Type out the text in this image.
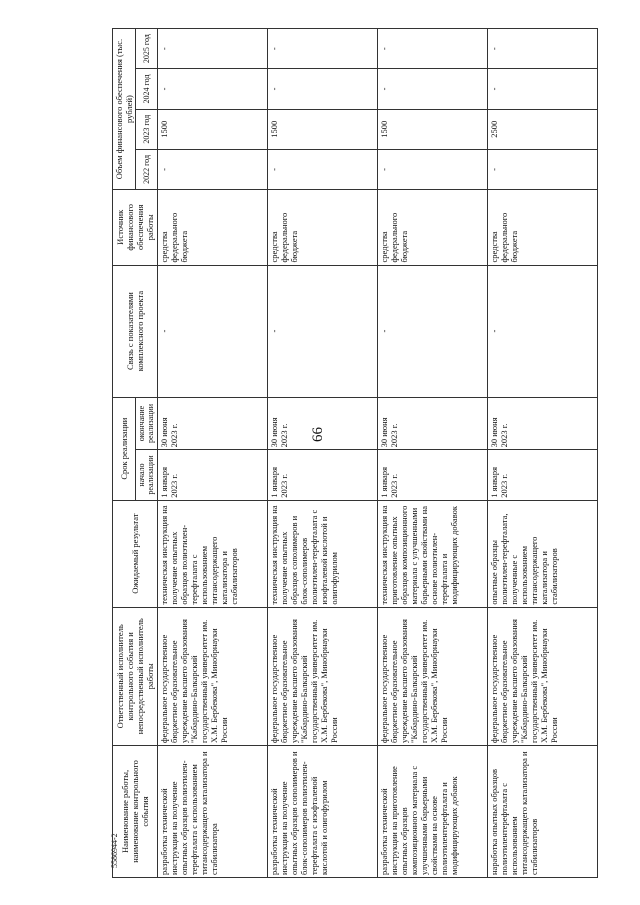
66
5586944-2 Наименование работы, наименование контрольного события	Ответственный исполнитель контрольного события и непосредственный исполнитель работы	Ожидаемый результат	Срок реализации		Связь с показателями комплексного проекта	Источник финансового обеспечения работы	Объем финансового обеспечения (тыс. рублей)			
			начало реализации	окончание реализации			2022 год	2023 год	2024 год	2025 год
разработка технической инструкции на получение опытных образцов полиэтилен-терефталата с использованием титансодержащего катализатора и стабилизатора	федеральное государственное бюджетное образовательное учреждение высшего образования "Кабардино-Балкарский государственный университет им. Х.М. Бербекова", Минобрнауки России	техническая инструкция на получение опытных образцов полиэтилен-терефталата с использованием титансодержащего катализатора и стабилизаторов	1 января 2023 г.	30 июня 2023 г.	-	средства федерального бюджета	-	1500	-	-
разработка технической инструкции на получение опытных образцов сополимеров и блок-сополимеров полиэтилен-терефталата с изофталевой кислотой и олигофурилом	федеральное государственное бюджетное образовательное учреждение высшего образования "Кабардино-Балкарский государственный университет им. Х.М. Бербекова", Минобрнауки России	техническая инструкция на получение опытных образцов сополимеров и блок-сополимеров полиэтилен-терефталата с изофталевой кислотой и олигофурилом	1 января 2023 г.	30 июня 2023 г.	-	средства федерального бюджета	-	1500	-	-
разработка технической инструкции на приготовление опытных образцов композиционного материала с улучшенными барьерными свойствами на основе полиэтилентерефталата и модифицирующих добавок	федеральное государственное бюджетное образовательное учреждение высшего образования "Кабардино-Балкарский государственный университет им. Х.М. Бербекова", Минобрнауки России	техническая инструкция на приготовление опытных образцов композиционного материала с улучшенными барьерными свойствами на основе полиэтилен-терефталата и модифицирующих добавок	1 января 2023 г.	30 июня 2023 г.	-	средства федерального бюджета	-	1500	-	-
наработка опытных образцов полиэтилентерефталата с использованием титансодержащего катализатора и стабилизаторов	федеральное государственное бюджетное образовательное учреждение высшего образования "Кабардино-Балкарский государственный университет им. Х.М. Бербекова", Минобрнауки России	опытные образцы полиэтилен-терефталата, полученные с использованием титансодержащего катализатора и стабилизаторов	1 января 2023 г.	30 июня 2023 г.	-	средства федерального бюджета	-	2500	-	-
